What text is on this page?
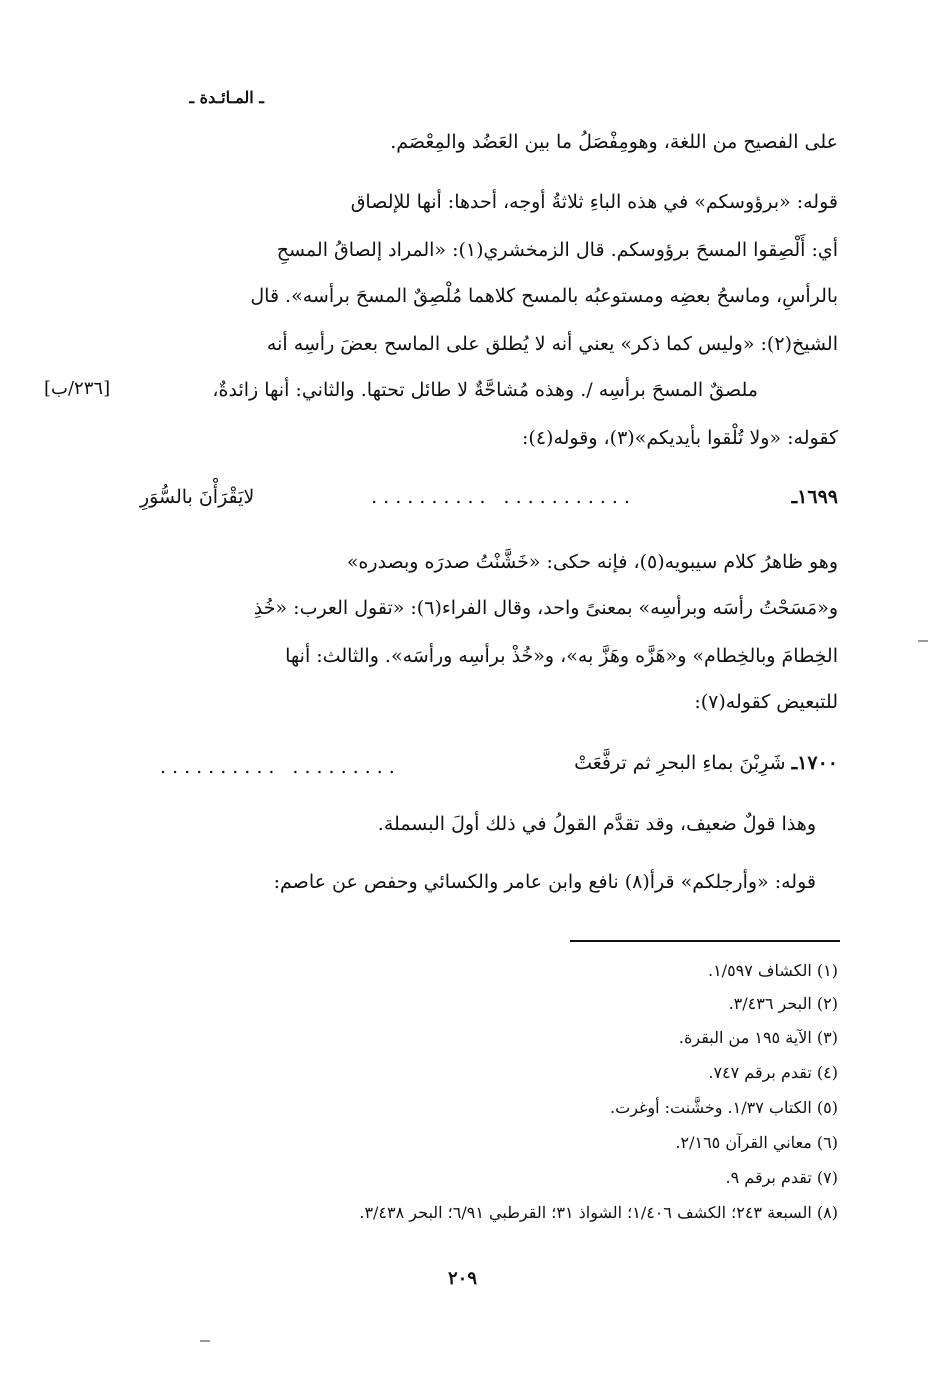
ـ المـائـدة ـ
على الفصيح من اللغة، وهومِفْصَلُ ما بين العَضُد والمِعْصَم.
قوله: «برؤوسكم» في هذه الباءِ ثلاثةُ أوجه، أحدها: أنها للإلصاق
أي: أَلْصِقوا المسحَ برؤوسكم. قال الزمخشري(١): «المراد إلصاقُ المسحِ
بالرأسِ، وماسحُ بعضِه ومستوعبُه بالمسح كلاهما مُلْصِقٌ المسحَ برأسه». قال
الشيخ(٢): «وليس كما ذكر» يعني أنه لا يُطلق على الماسح بعضَ رأسِه أنه
ملصقٌ المسحَ برأسِه /. وهذه مُشاحَّةٌ لا طائل تحتها. والثاني: أنها زائدةٌ،
[٢٣٦/ب]
كقوله: «ولا تُلْقوا بأيديكم»(٣)، وقوله(٤):
١٦٩٩ـ
........... ..........
لايَقْرَأْنَ بالسُّوَرِ
وهو ظاهرُ كلام سيبويه(٥)، فإنه حكى: «خَشَّنْتُ صدرَه وبصدره»
و«مَسَحْتُ رأسَه وبرأسِه» بمعنىً واحد، وقال الفراء(٦): «تقول العرب: «خُذِ
الخِطامَ وبالخِطام» و«هَزَّه وهَزَّ به»، و«خُذْ برأسِه ورأسَه». والثالث: أنها
للتبعيض كقوله(٧):
١٧٠٠ـ شَرِبْنَ بماءِ البحرِ ثم ترفَّعَتْ
......... ..........
وهذا قولٌ ضعيف، وقد تقدَّم القولُ في ذلك أولَ البسملة.
قوله: «وأرجلكم» قرأ(٨) نافع وابن عامر والكسائي وحفص عن عاصم:
(١) الكشاف ١/٥٩٧.
(٢) البحر ٣/٤٣٦.
(٣) الآية ١٩٥ من البقرة.
(٤) تقدم برقم ٧٤٧.
(٥) الكتاب ١/٣٧. وخشَّنت: أوغرت.
(٦) معاني القرآن ٢/١٦٥.
(٧) تقدم برقم ٩.
(٨) السبعة ٢٤٣؛ الكشف ١/٤٠٦؛ الشواذ ٣١؛ القرطبي ٦/٩١؛ البحر ٣/٤٣٨.
٢٠٩
